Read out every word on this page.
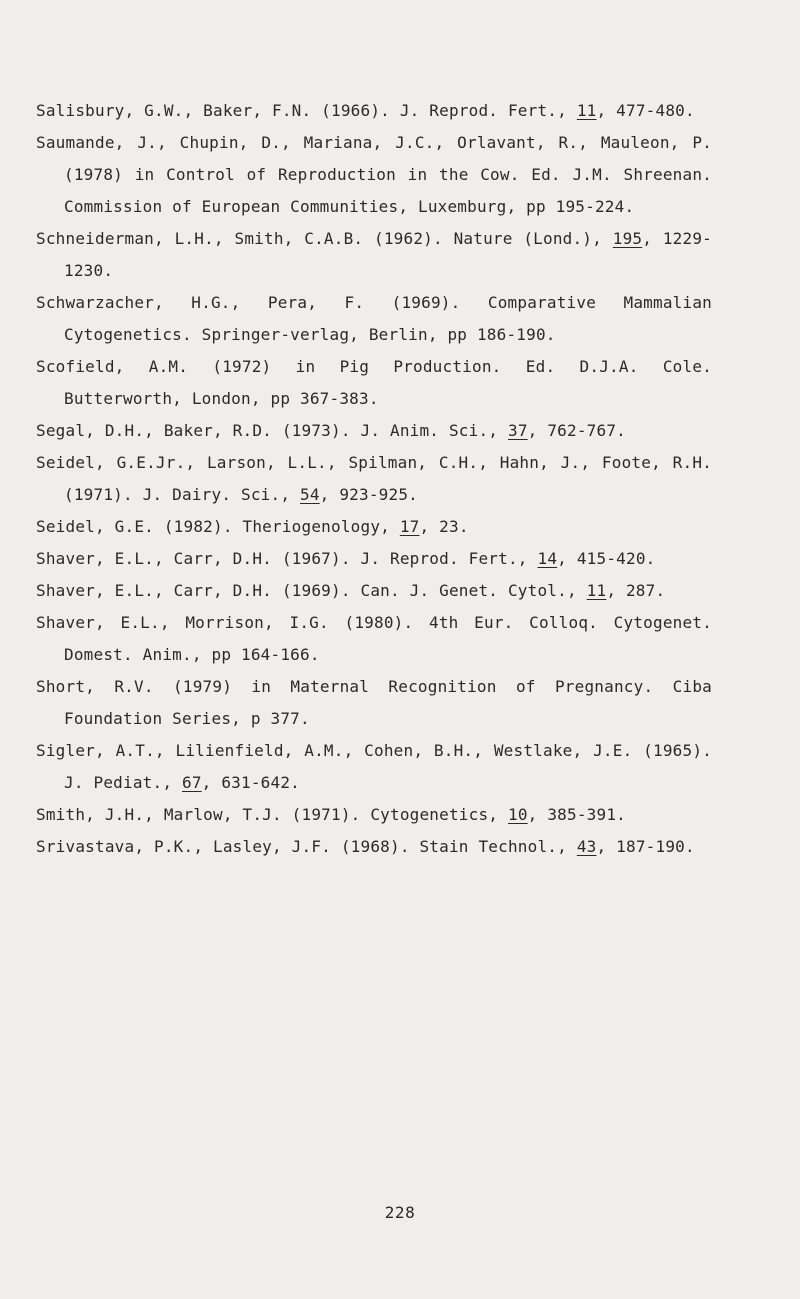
Salisbury, G.W., Baker, F.N. (1966). J. Reprod. Fert., 11, 477-480.

Saumande, J., Chupin, D., Mariana, J.C., Orlavant, R., Mauleon, P. (1978) in Control of Reproduction in the Cow. Ed. J.M. Shreenan. Commission of European Communities, Luxemburg, pp 195-224.

Schneiderman, L.H., Smith, C.A.B. (1962). Nature (Lond.), 195, 1229-1230.

Schwarzacher, H.G., Pera, F. (1969). Comparative Mammalian Cytogenetics. Springer-verlag, Berlin, pp 186-190.

Scofield, A.M. (1972) in Pig Production. Ed. D.J.A. Cole. Butterworth, London, pp 367-383.

Segal, D.H., Baker, R.D. (1973). J. Anim. Sci., 37, 762-767.

Seidel, G.E.Jr., Larson, L.L., Spilman, C.H., Hahn, J., Foote, R.H. (1971). J. Dairy. Sci., 54, 923-925.

Seidel, G.E. (1982). Theriogenology, 17, 23.

Shaver, E.L., Carr, D.H. (1967). J. Reprod. Fert., 14, 415-420.

Shaver, E.L., Carr, D.H. (1969). Can. J. Genet. Cytol., 11, 287.

Shaver, E.L., Morrison, I.G. (1980). 4th Eur. Colloq. Cytogenet. Domest. Anim., pp 164-166.

Short, R.V. (1979) in Maternal Recognition of Pregnancy. Ciba Foundation Series, p 377.

Sigler, A.T., Lilienfield, A.M., Cohen, B.H., Westlake, J.E. (1965). J. Pediat., 67, 631-642.

Smith, J.H., Marlow, T.J. (1971). Cytogenetics, 10, 385-391.

Srivastava, P.K., Lasley, J.F. (1968). Stain Technol., 43, 187-190.

228
